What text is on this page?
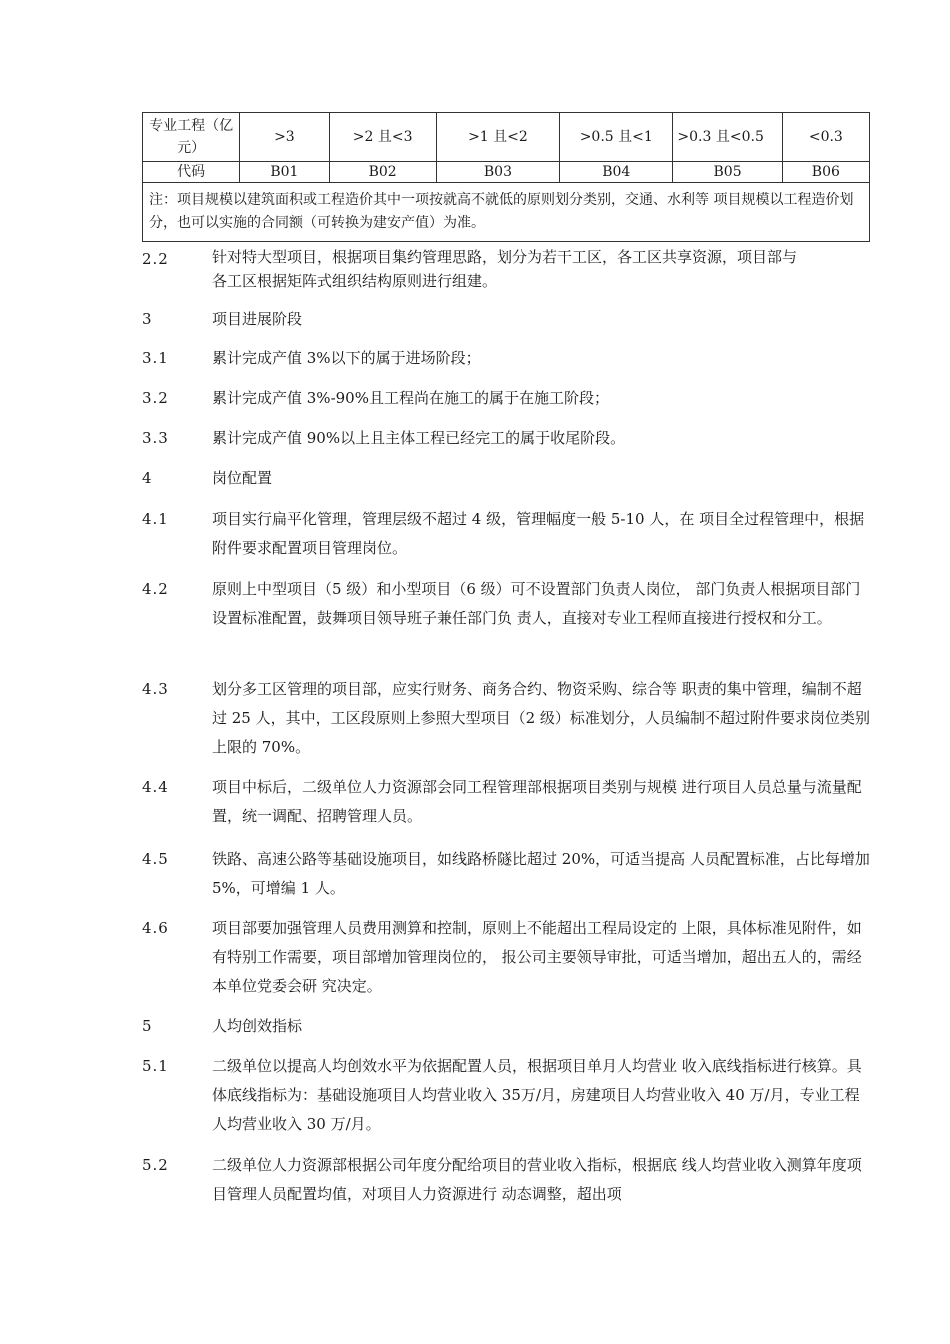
专业工程（亿元）	>3	>2 且<3	>1 且<2	>0.5 且<1	>0.3 且<0.5	<0.3
代码	B01	B02	B03	B04	B05	B06
注：项目规模以建筑面积或工程造价其中一项按就高不就低的原则划分类别，交通、水利等 项目规模以工程造价划分，也可以实施的合同额（可转换为建安产值）为准。						
2.2	针对特大型项目，根据项目集约管理思路，划分为若干工区，各工区共享资源，项目部与各工区根据矩阵式组织结构原则进行组建。
3	项目进展阶段
3.1	累计完成产值 3%以下的属于进场阶段；
3.2	累计完成产值 3%-90%且工程尚在施工的属于在施工阶段；
3.3	累计完成产值 90%以上且主体工程已经完工的属于收尾阶段。
4	岗位配置
4.1	项目实行扁平化管理，管理层级不超过 4 级，管理幅度一般 5-10 人，在 项目全过程管理中，根据附件要求配置项目管理岗位。
4.2	原则上中型项目（5 级）和小型项目（6 级）可不设置部门负责人岗位， 部门负责人根据项目部门设置标准配置，鼓舞项目领导班子兼任部门负 责人，直接对专业工程师直接进行授权和分工。
4.3	划分多工区管理的项目部，应实行财务、商务合约、物资采购、综合等 职责的集中管理，编制不超过 25 人，其中，工区段原则上参照大型项目（2 级）标准划分，人员编制不超过附件要求岗位类别上限的 70%。
4.4	项目中标后，二级单位人力资源部会同工程管理部根据项目类别与规模 进行项目人员总量与流量配置，统一调配、招聘管理人员。
4.5	铁路、高速公路等基础设施项目，如线路桥隧比超过 20%，可适当提高 人员配置标准，占比每增加 5%，可增编 1 人。
4.6	项目部要加强管理人员费用测算和控制，原则上不能超出工程局设定的 上限，具体标准见附件，如有特别工作需要，项目部增加管理岗位的， 报公司主要领导审批，可适当增加，超出五人的，需经本单位党委会研 究决定。
5	人均创效指标
5.1	二级单位以提高人均创效水平为依据配置人员，根据项目单月人均营业 收入底线指标进行核算。具体底线指标为：基础设施项目人均营业收入 35万/月，房建项目人均营业收入 40 万/月，专业工程人均营业收入 30 万/月。
5.2	二级单位人力资源部根据公司年度分配给项目的营业收入指标，根据底 线人均营业收入测算年度项目管理人员配置均值，对项目人力资源进行 动态调整，超出项
